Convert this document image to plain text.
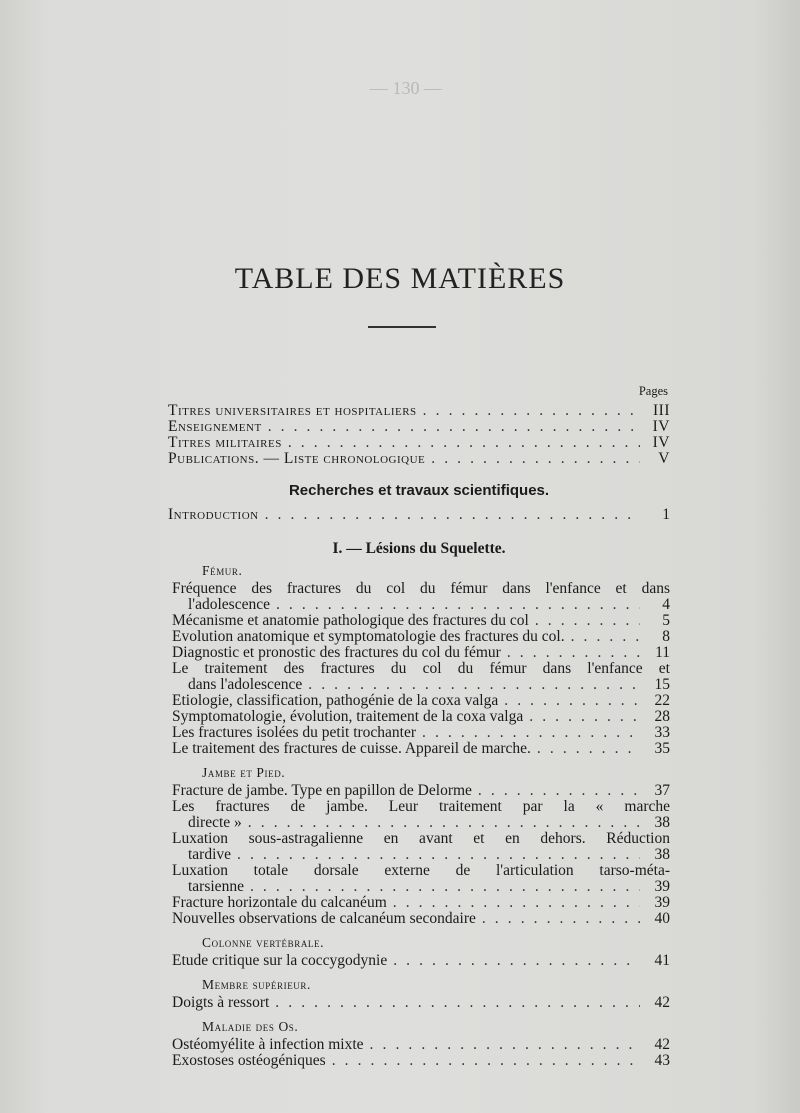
— 130 —
TABLE DES MATIÈRES
Pages
Titres universitaires et hospitaliers . . .	III
Enseignement . . .	IV
Titres militaires . . .	IV
Publications. — Liste chronologique . . .	V
Recherches et travaux scientifiques.
Introduction . . .	1
I. — Lésions du Squelette.
Fémur.
Fréquence des fractures du col du fémur dans l'enfance et dans
l'adolescence . . .	4
Mécanisme et anatomie pathologique des fractures du col . . .	5
Evolution anatomique et symptomatologie des fractures du col. . . .	8
Diagnostic et pronostic des fractures du col du fémur . . .	11
Le traitement des fractures du col du fémur dans l'enfance et
dans l'adolescence . . .	15
Etiologie, classification, pathogénie de la coxa valga . . .	22
Symptomatologie, évolution, traitement de la coxa valga . . .	28
Les fractures isolées du petit trochanter . . .	33
Le traitement des fractures de cuisse. Appareil de marche. . . .	35
Jambe et Pied.
Fracture de jambe. Type en papillon de Delorme . . .	37
Les fractures de jambe. Leur traitement par la « marche
directe » . . .	38
Luxation sous-astragalienne en avant et en dehors. Réduction
tardive . . .	38
Luxation totale dorsale externe de l'articulation tarso-méta-
tarsienne . . .	39
Fracture horizontale du calcanéum . . .	39
Nouvelles observations de calcanéum secondaire . . .	40
Colonne vertébrale.
Etude critique sur la coccygodynie . . .	41
Membre supérieur.
Doigts à ressort . . .	42
Maladie des Os.
Ostéomyélite à infection mixte . . .	42
Exostoses ostéogéniques . . .	43
